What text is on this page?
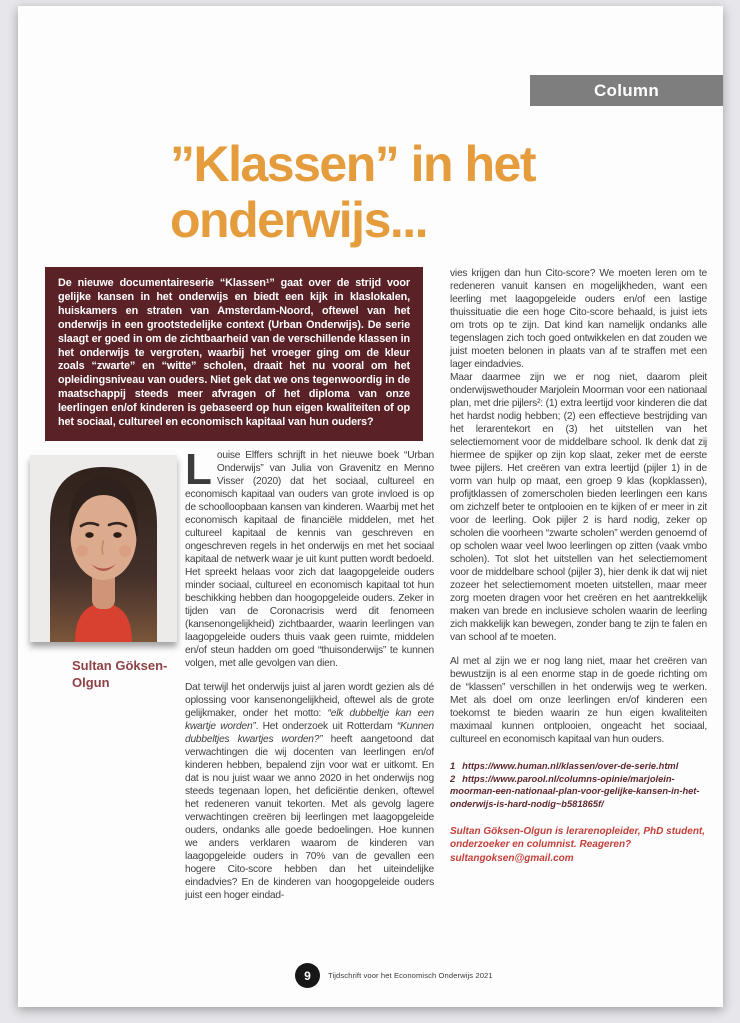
Column
”Klassen” in het
onderwijs...
De nieuwe documentaireserie “Klassen¹” gaat over de strijd voor gelijke kansen in het onderwijs en biedt een kijk in klaslokalen, huiskamers en straten van Amsterdam-Noord, oftewel van het onderwijs in een grootstedelijke context (Urban Onderwijs). De serie slaagt er goed in om de zichtbaarheid van de verschillende klassen in het onderwijs te vergroten, waarbij het vroeger ging om de kleur zoals “zwarte” en “witte” scholen, draait het nu vooral om het opleidingsniveau van ouders. Niet gek dat we ons tegenwoordig in de maatschappij steeds meer afvragen of het diploma van onze leerlingen en/of kinderen is gebaseerd op hun eigen kwaliteiten of op het sociaal, cultureel en economisch kapitaal van hun ouders?
Sultan Göksen-Olgun

Louise Elffers schrijft in het nieuwe boek “Urban Onderwijs” van Julia von Gravenitz en Menno Visser (2020) dat het sociaal, cultureel en economisch kapitaal van ouders van grote invloed is op de schoolloopbaan kansen van kinderen. Waarbij met het economisch kapitaal de financiële middelen, met het cultureel kapitaal de kennis van geschreven en ongeschreven regels in het onderwijs en met het sociaal kapitaal de netwerk waar je uit kunt putten wordt bedoeld. Het spreekt helaas voor zich dat laagopgeleide ouders minder sociaal, cultureel en economisch kapitaal tot hun beschikking hebben dan hoogopgeleide ouders. Zeker in tijden van de Coronacrisis werd dit fenomeen (kansenongelijkheid) zichtbaarder, waarin leerlingen van laagopgeleide ouders thuis vaak geen ruimte, middelen en/of steun hadden om goed “thuisonderwijs” te kunnen volgen, met alle gevolgen van dien.

Dat terwijl het onderwijs juist al jaren wordt gezien als dé oplossing voor kansenongelijkheid, oftewel als de grote gelijkmaker, onder het motto: “elk dubbeltje kan een kwartje worden”. Het onderzoek uit Rotterdam “Kunnen dubbeltjes kwartjes worden?” heeft aangetoond dat verwachtingen die wij docenten van leerlingen en/of kinderen hebben, bepalend zijn voor wat er uitkomt. En dat is nou juist waar we anno 2020 in het onderwijs nog steeds tegenaan lopen, het deficiëntie denken, oftewel het redeneren vanuit tekorten. Met als gevolg lagere verwachtingen creëren bij leerlingen met laagopgeleide ouders, ondanks alle goede bedoelingen. Hoe kunnen we anders verklaren waarom de kinderen van laagopgeleide ouders in 70% van de gevallen een hogere Cito-score hebben dan het uiteindelijke eindadvies? En de kinderen van hoogopgeleide ouders juist een hoger eindad-

vies krijgen dan hun Cito-score? We moeten leren om te redeneren vanuit kansen en mogelijkheden, want een leerling met laagopgeleide ouders en/of een lastige thuissituatie die een hoge Cito-score behaald, is juist iets om trots op te zijn. Dat kind kan namelijk ondanks alle tegenslagen zich toch goed ontwikkelen en dat zouden we juist moeten belonen in plaats van af te straffen met een lager eindadvies.

Maar daarmee zijn we er nog niet, daarom pleit onderwijswethouder Marjolein Moorman voor een nationaal plan, met drie pijlers²: (1) extra leertijd voor kinderen die dat het hardst nodig hebben; (2) een effectieve bestrijding van het lerarentekort en (3) het uitstellen van het selectiemoment voor de middelbare school. Ik denk dat zij hiermee de spijker op zijn kop slaat, zeker met de eerste twee pijlers. Het creëren van extra leertijd (pijler 1) in de vorm van hulp op maat, een groep 9 klas (kopklassen), profijtklassen of zomerscholen bieden leerlingen een kans om zichzelf beter te ontplooien en te kijken of er meer in zit voor de leerling. Ook pijler 2 is hard nodig, zeker op scholen die voorheen “zwarte scholen” werden genoemd of op scholen waar veel lwoo leerlingen op zitten (vaak vmbo scholen). Tot slot het uitstellen van het selectiemoment voor de middelbare school (pijler 3), hier denk ik dat wij niet zozeer het selectiemoment moeten uitstellen, maar meer zorg moeten dragen voor het creëren en het aantrekkelijk maken van brede en inclusieve scholen waarin de leerling zich makkelijk kan bewegen, zonder bang te zijn te falen en van school af te moeten.

Al met al zijn we er nog lang niet, maar het creëren van bewustzijn is al een enorme stap in de goede richting om de “klassen” verschillen in het onderwijs weg te werken. Met als doel om onze leerlingen en/of kinderen een toekomst te bieden waarin ze hun eigen kwaliteiten maximaal kunnen ontplooien, ongeacht het sociaal, cultureel en economisch kapitaal van hun ouders.

1 https://www.human.nl/klassen/over-de-serie.html
2 https://www.parool.nl/columns-opinie/marjolein-moorman-een-nationaal-plan-voor-gelijke-kansen-in-het-onderwijs-is-hard-nodig~b581865f/
Sultan Göksen-Olgun is lerarenopleider, PhD student, onderzoeker en columnist. Reageren?
sultangoksen@gmail.com
9	Tijdschrift voor het Economisch Onderwijs 2021
